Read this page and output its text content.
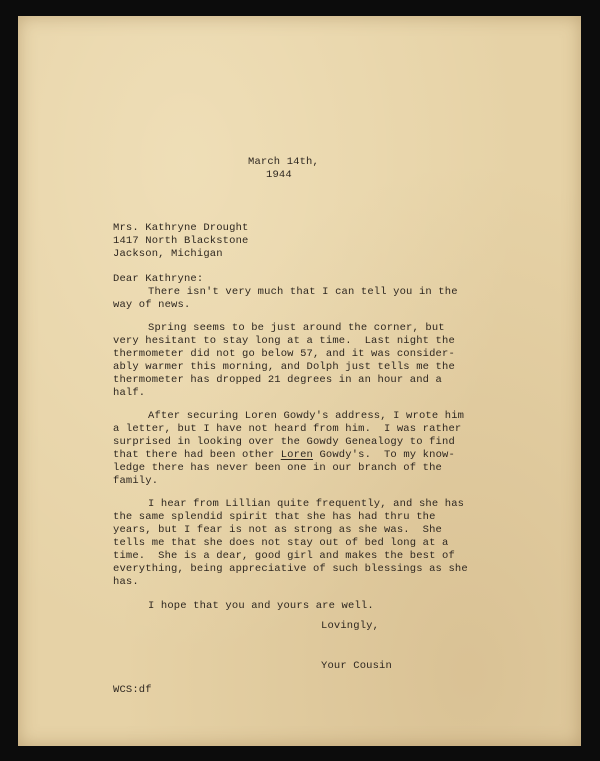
March 14th,

1944

Mrs. Kathryne Drought

1417 North Blackstone

Jackson, Michigan

Dear Kathryne:

There isn't very much that I can tell you in the

way of news.

Spring seems to be just around the corner, but

very hesitant to stay long at a time.  Last night the

thermometer did not go below 57, and it was consider-

ably warmer this morning, and Dolph just tells me the

thermometer has dropped 21 degrees in an hour and a

half.

After securing Loren Gowdy's address, I wrote him

a letter, but I have not heard from him.  I was rather

surprised in looking over the Gowdy Genealogy to find

that there had been other Loren Gowdy's.  To my know-

ledge there has never been one in our branch of the

family.

I hear from Lillian quite frequently, and she has

the same splendid spirit that she has had thru the

years, but I fear is not as strong as she was.  She

tells me that she does not stay out of bed long at a

time.  She is a dear, good girl and makes the best of

everything, being appreciative of such blessings as she

has.

I hope that you and yours are well.

Lovingly,

Your Cousin

WCS:df
